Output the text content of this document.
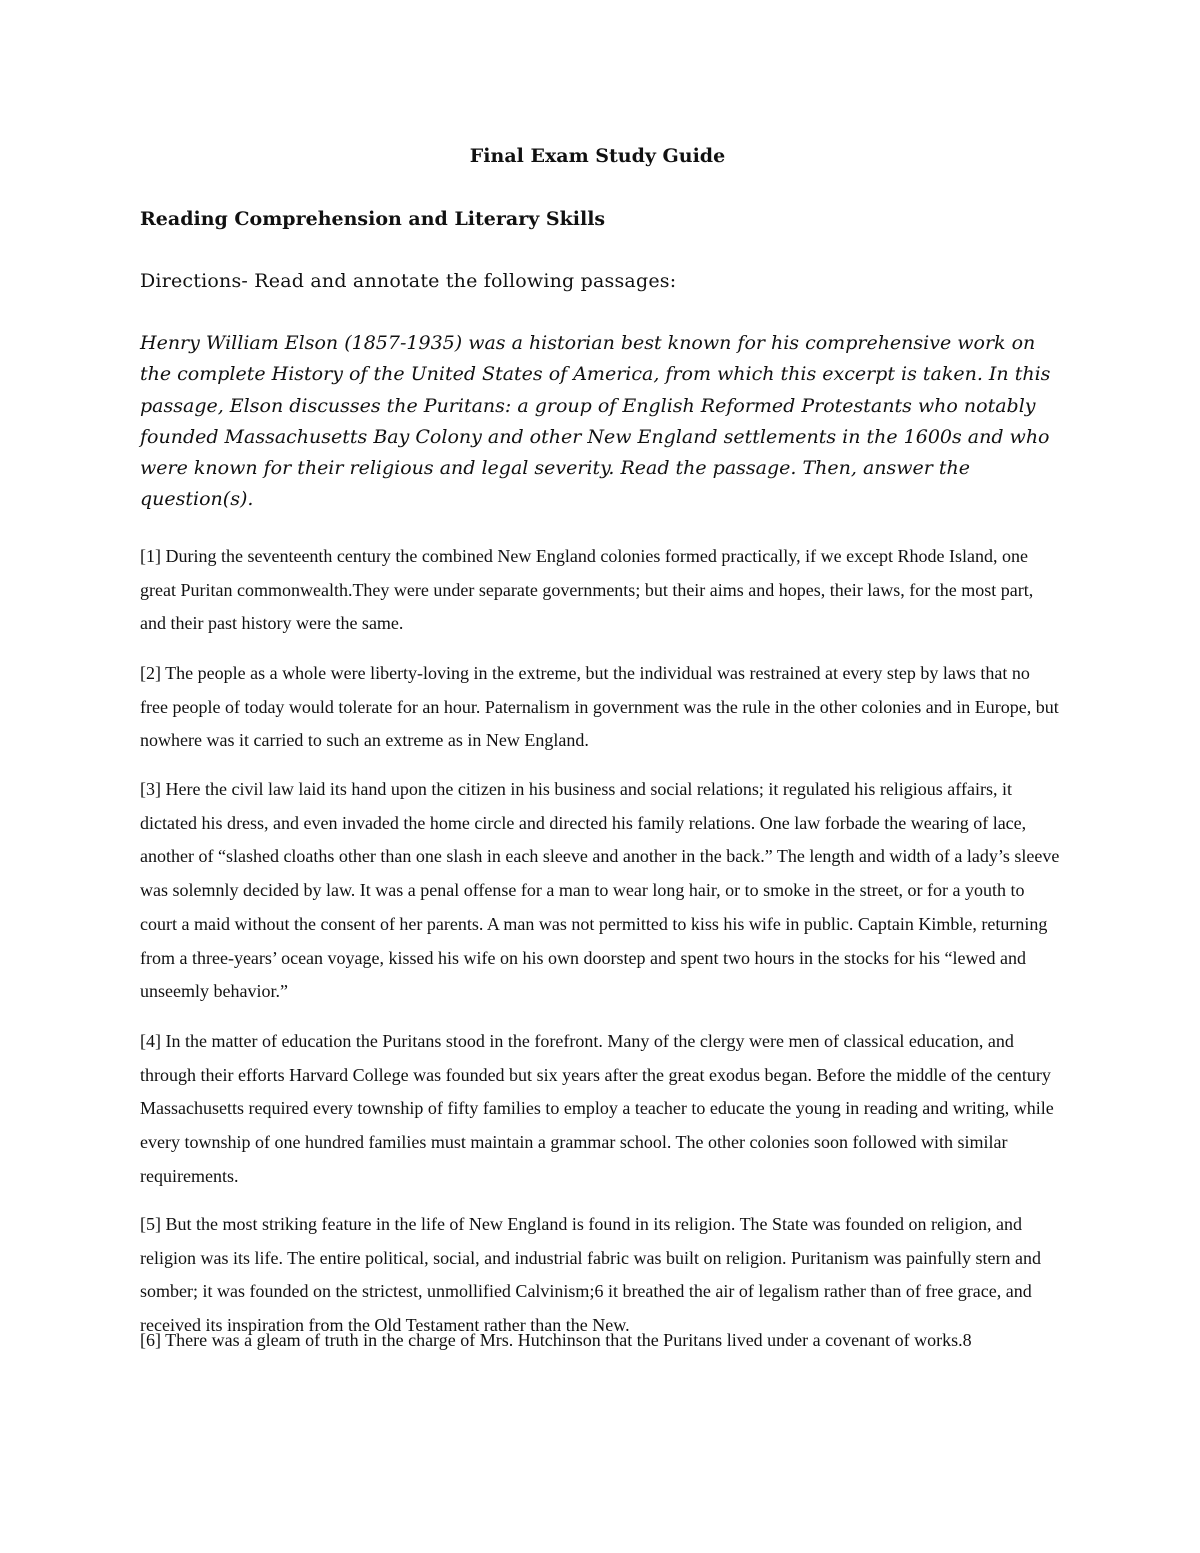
Final Exam Study Guide
Reading Comprehension and Literary Skills

Directions- Read and annotate the following passages:

Henry William Elson (1857-1935) was a historian best known for his comprehensive work on the complete History of the United States of America, from which this excerpt is taken. In this passage, Elson discusses the Puritans: a group of English Reformed Protestants who notably founded Massachusetts Bay Colony and other New England settlements in the 1600s and who were known for their religious and legal severity. Read the passage. Then, answer the question(s).

[1] During the seventeenth century the combined New England colonies formed practically, if we except Rhode Island, one great Puritan commonwealth.They were under separate governments; but their aims and hopes, their laws, for the most part, and their past history were the same.

[2] The people as a whole were liberty-loving in the extreme, but the individual was restrained at every step by laws that no free people of today would tolerate for an hour. Paternalism in government was the rule in the other colonies and in Europe, but nowhere was it carried to such an extreme as in New England.

[3] Here the civil law laid its hand upon the citizen in his business and social relations; it regulated his religious affairs, it dictated his dress, and even invaded the home circle and directed his family relations. One law forbade the wearing of lace, another of “slashed cloaths other than one slash in each sleeve and another in the back.” The length and width of a lady’s sleeve was solemnly decided by law. It was a penal offense for a man to wear long hair, or to smoke in the street, or for a youth to court a maid without the consent of her parents. A man was not permitted to kiss his wife in public. Captain Kimble, returning from a three-years’ ocean voyage, kissed his wife on his own doorstep and spent two hours in the stocks for his “lewed and unseemly behavior.”

[4] In the matter of education the Puritans stood in the forefront. Many of the clergy were men of classical education, and through their efforts Harvard College was founded but six years after the great exodus began. Before the middle of the century Massachusetts required every township of fifty families to employ a teacher to educate the young in reading and writing, while every township of one hundred families must maintain a grammar school. The other colonies soon followed with similar requirements.

[5] But the most striking feature in the life of New England is found in its religion. The State was founded on religion, and religion was its life. The entire political, social, and industrial fabric was built on religion. Puritanism was painfully stern and somber; it was founded on the strictest, unmollified Calvinism;6 it breathed the air of legalism rather than of free grace, and received its inspiration from the Old Testament rather than the New.

[6] There was a gleam of truth in the charge of Mrs. Hutchinson that the Puritans lived under a covenant of works.8
